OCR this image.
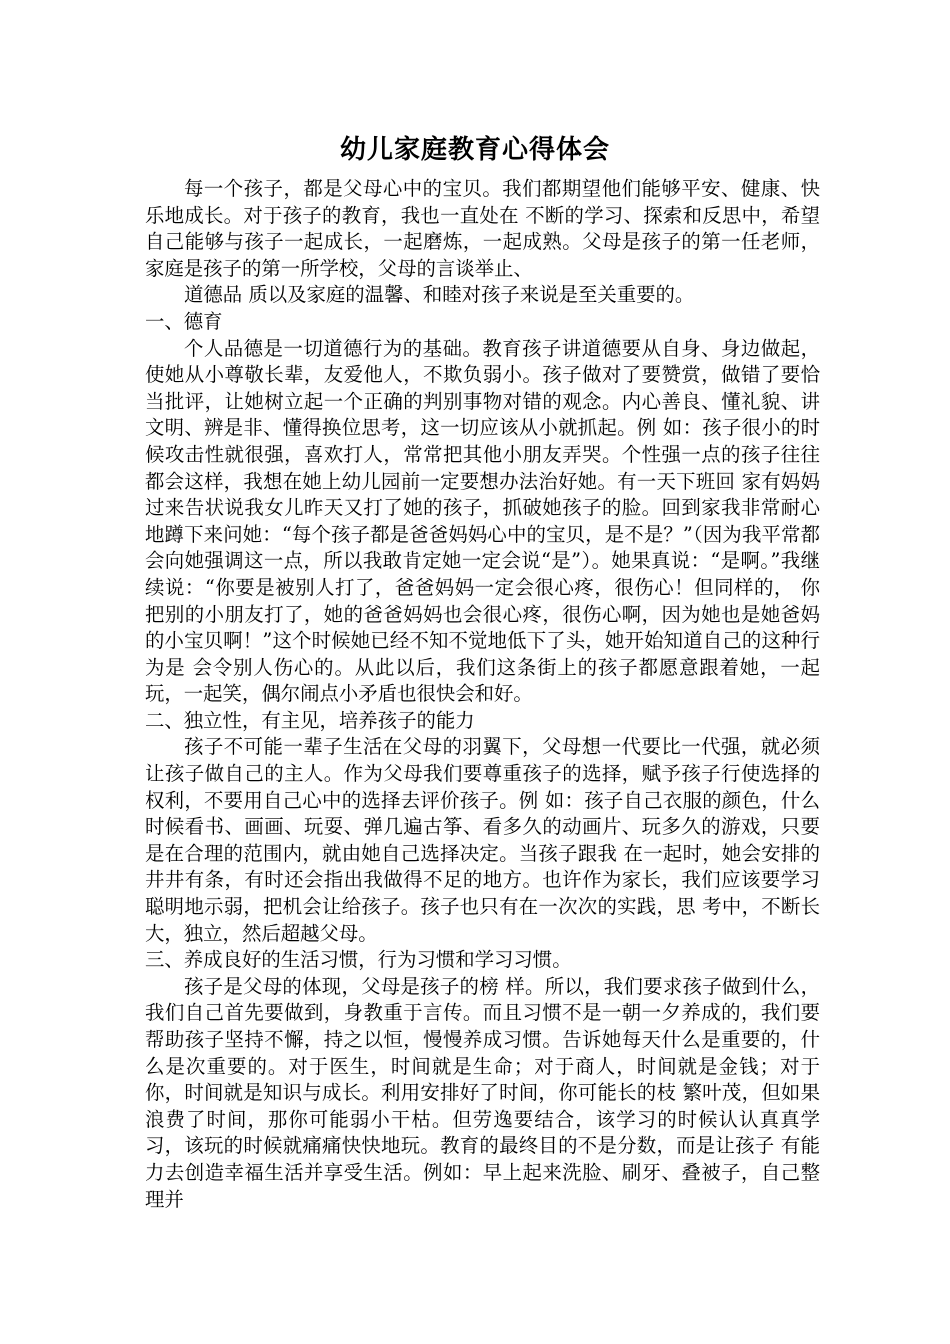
幼儿家庭教育心得体会

每一个孩子，都是父母心中的宝贝。我们都期望他们能够平安、健康、快乐地成长。对于孩子的教育，我也一直处在 不断的学习、探索和反思中，希望自己能够与孩子一起成长，一起磨炼，一起成熟。父母是孩子的第一任老师，家庭是孩子的第一所学校，父母的言谈举止、

道德品 质以及家庭的温馨、和睦对孩子来说是至关重要的。

一、德育

个人品德是一切道德行为的基础。教育孩子讲道德要从自身、身边做起，使她从小尊敬长辈，友爱他人，不欺负弱小。孩子做对了要赞赏，做错了要恰当批评，让她树立起一个正确的判别事物对错的观念。内心善良、懂礼貌、讲文明、辨是非、懂得换位思考，这一切应该从小就抓起。例 如：孩子很小的时候攻击性就很强，喜欢打人，常常把其他小朋友弄哭。个性强一点的孩子往往都会这样，我想在她上幼儿园前一定要想办法治好她。有一天下班回 家有妈妈过来告状说我女儿昨天又打了她的孩子，抓破她孩子的脸。回到家我非常耐心地蹲下来问她：“每个孩子都是爸爸妈妈心中的宝贝，是不是？”（因为我平常都会向她强调这一点，所以我敢肯定她一定会说“是”）。她果真说：“是啊。”我继续说：“你要是被别人打了，爸爸妈妈一定会很心疼，很伤心！但同样的， 你把别的小朋友打了，她的爸爸妈妈也会很心疼，很伤心啊，因为她也是她爸妈的小宝贝啊！”这个时候她已经不知不觉地低下了头，她开始知道自己的这种行为是 会令别人伤心的。从此以后，我们这条街上的孩子都愿意跟着她，一起玩，一起笑，偶尔闹点小矛盾也很快会和好。

二、独立性，有主见，培养孩子的能力

孩子不可能一辈子生活在父母的羽翼下，父母想一代要比一代强，就必须让孩子做自己的主人。作为父母我们要尊重孩子的选择，赋予孩子行使选择的权利，不要用自己心中的选择去评价孩子。例 如：孩子自己衣服的颜色，什么时候看书、画画、玩耍、弹几遍古筝、看多久的动画片、玩多久的游戏，只要是在合理的范围内，就由她自己选择决定。当孩子跟我 在一起时，她会安排的井井有条，有时还会指出我做得不足的地方。也许作为家长，我们应该要学习聪明地示弱，把机会让给孩子。孩子也只有在一次次的实践，思 考中，不断长大，独立，然后超越父母。

三、养成良好的生活习惯，行为习惯和学习习惯。

孩子是父母的体现，父母是孩子的榜 样。所以，我们要求孩子做到什么，我们自己首先要做到，身教重于言传。而且习惯不是一朝一夕养成的，我们要帮助孩子坚持不懈，持之以恒，慢慢养成习惯。告诉她每天什么是重要的，什么是次重要的。对于医生，时间就是生命；对于商人，时间就是金钱；对于你，时间就是知识与成长。利用安排好了时间，你可能长的枝 繁叶茂，但如果浪费了时间，那你可能弱小干枯。但劳逸要结合，该学习的时候认认真真学习，该玩的时候就痛痛快快地玩。教育的最终目的不是分数，而是让孩子 有能力去创造幸福生活并享受生活。例如：早上起来洗脸、刷牙、叠被子，自己整理并
